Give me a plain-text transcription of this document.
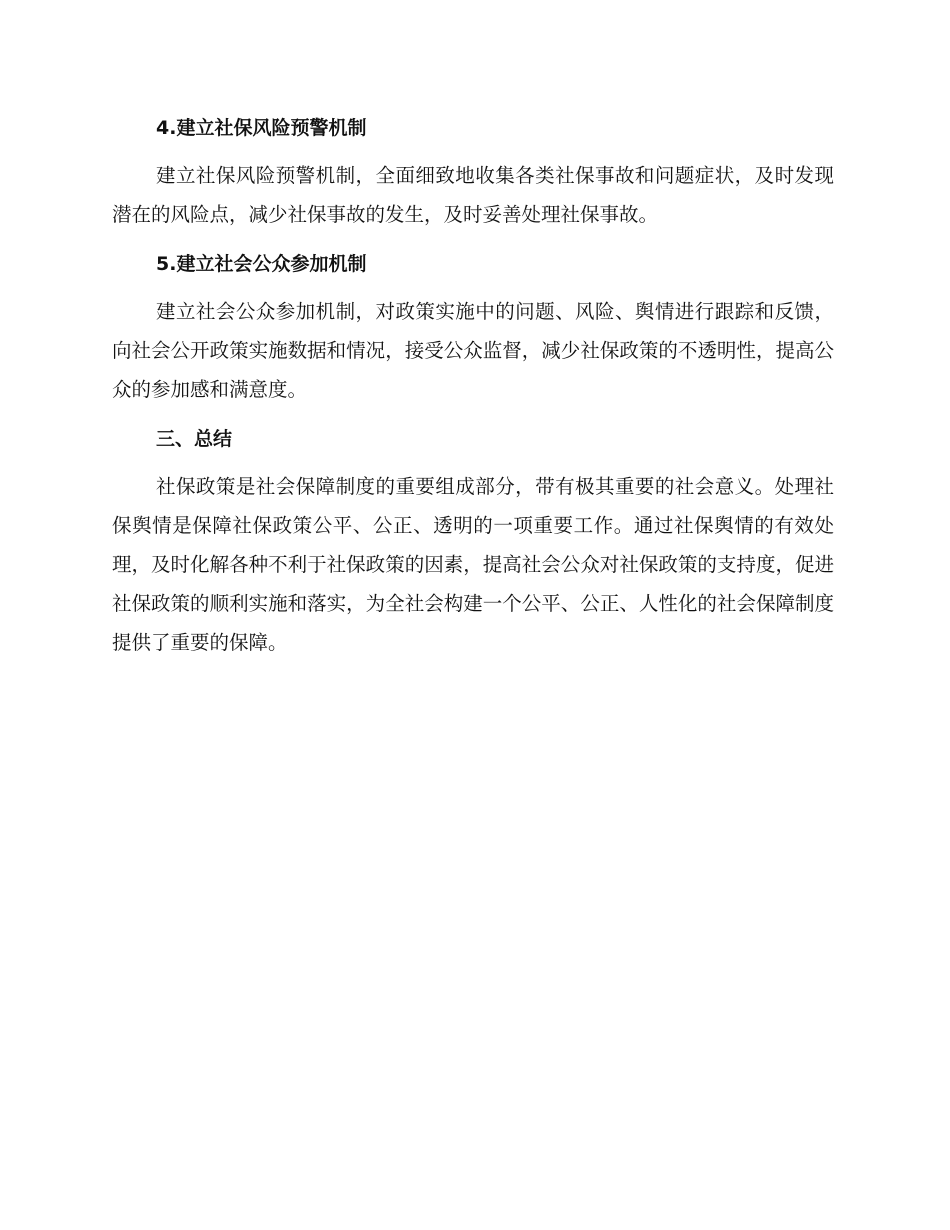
4.建立社保风险预警机制

建立社保风险预警机制，全面细致地收集各类社保事故和问题症状，及时发现潜在的风险点，减少社保事故的发生，及时妥善处理社保事故。

5.建立社会公众参加机制

建立社会公众参加机制，对政策实施中的问题、风险、舆情进行跟踪和反馈，向社会公开政策实施数据和情况，接受公众监督，减少社保政策的不透明性，提高公众的参加感和满意度。

三、总结

社保政策是社会保障制度的重要组成部分，带有极其重要的社会意义。处理社保舆情是保障社保政策公平、公正、透明的一项重要工作。通过社保舆情的有效处理，及时化解各种不利于社保政策的因素，提高社会公众对社保政策的支持度，促进社保政策的顺利实施和落实，为全社会构建一个公平、公正、人性化的社会保障制度提供了重要的保障。
